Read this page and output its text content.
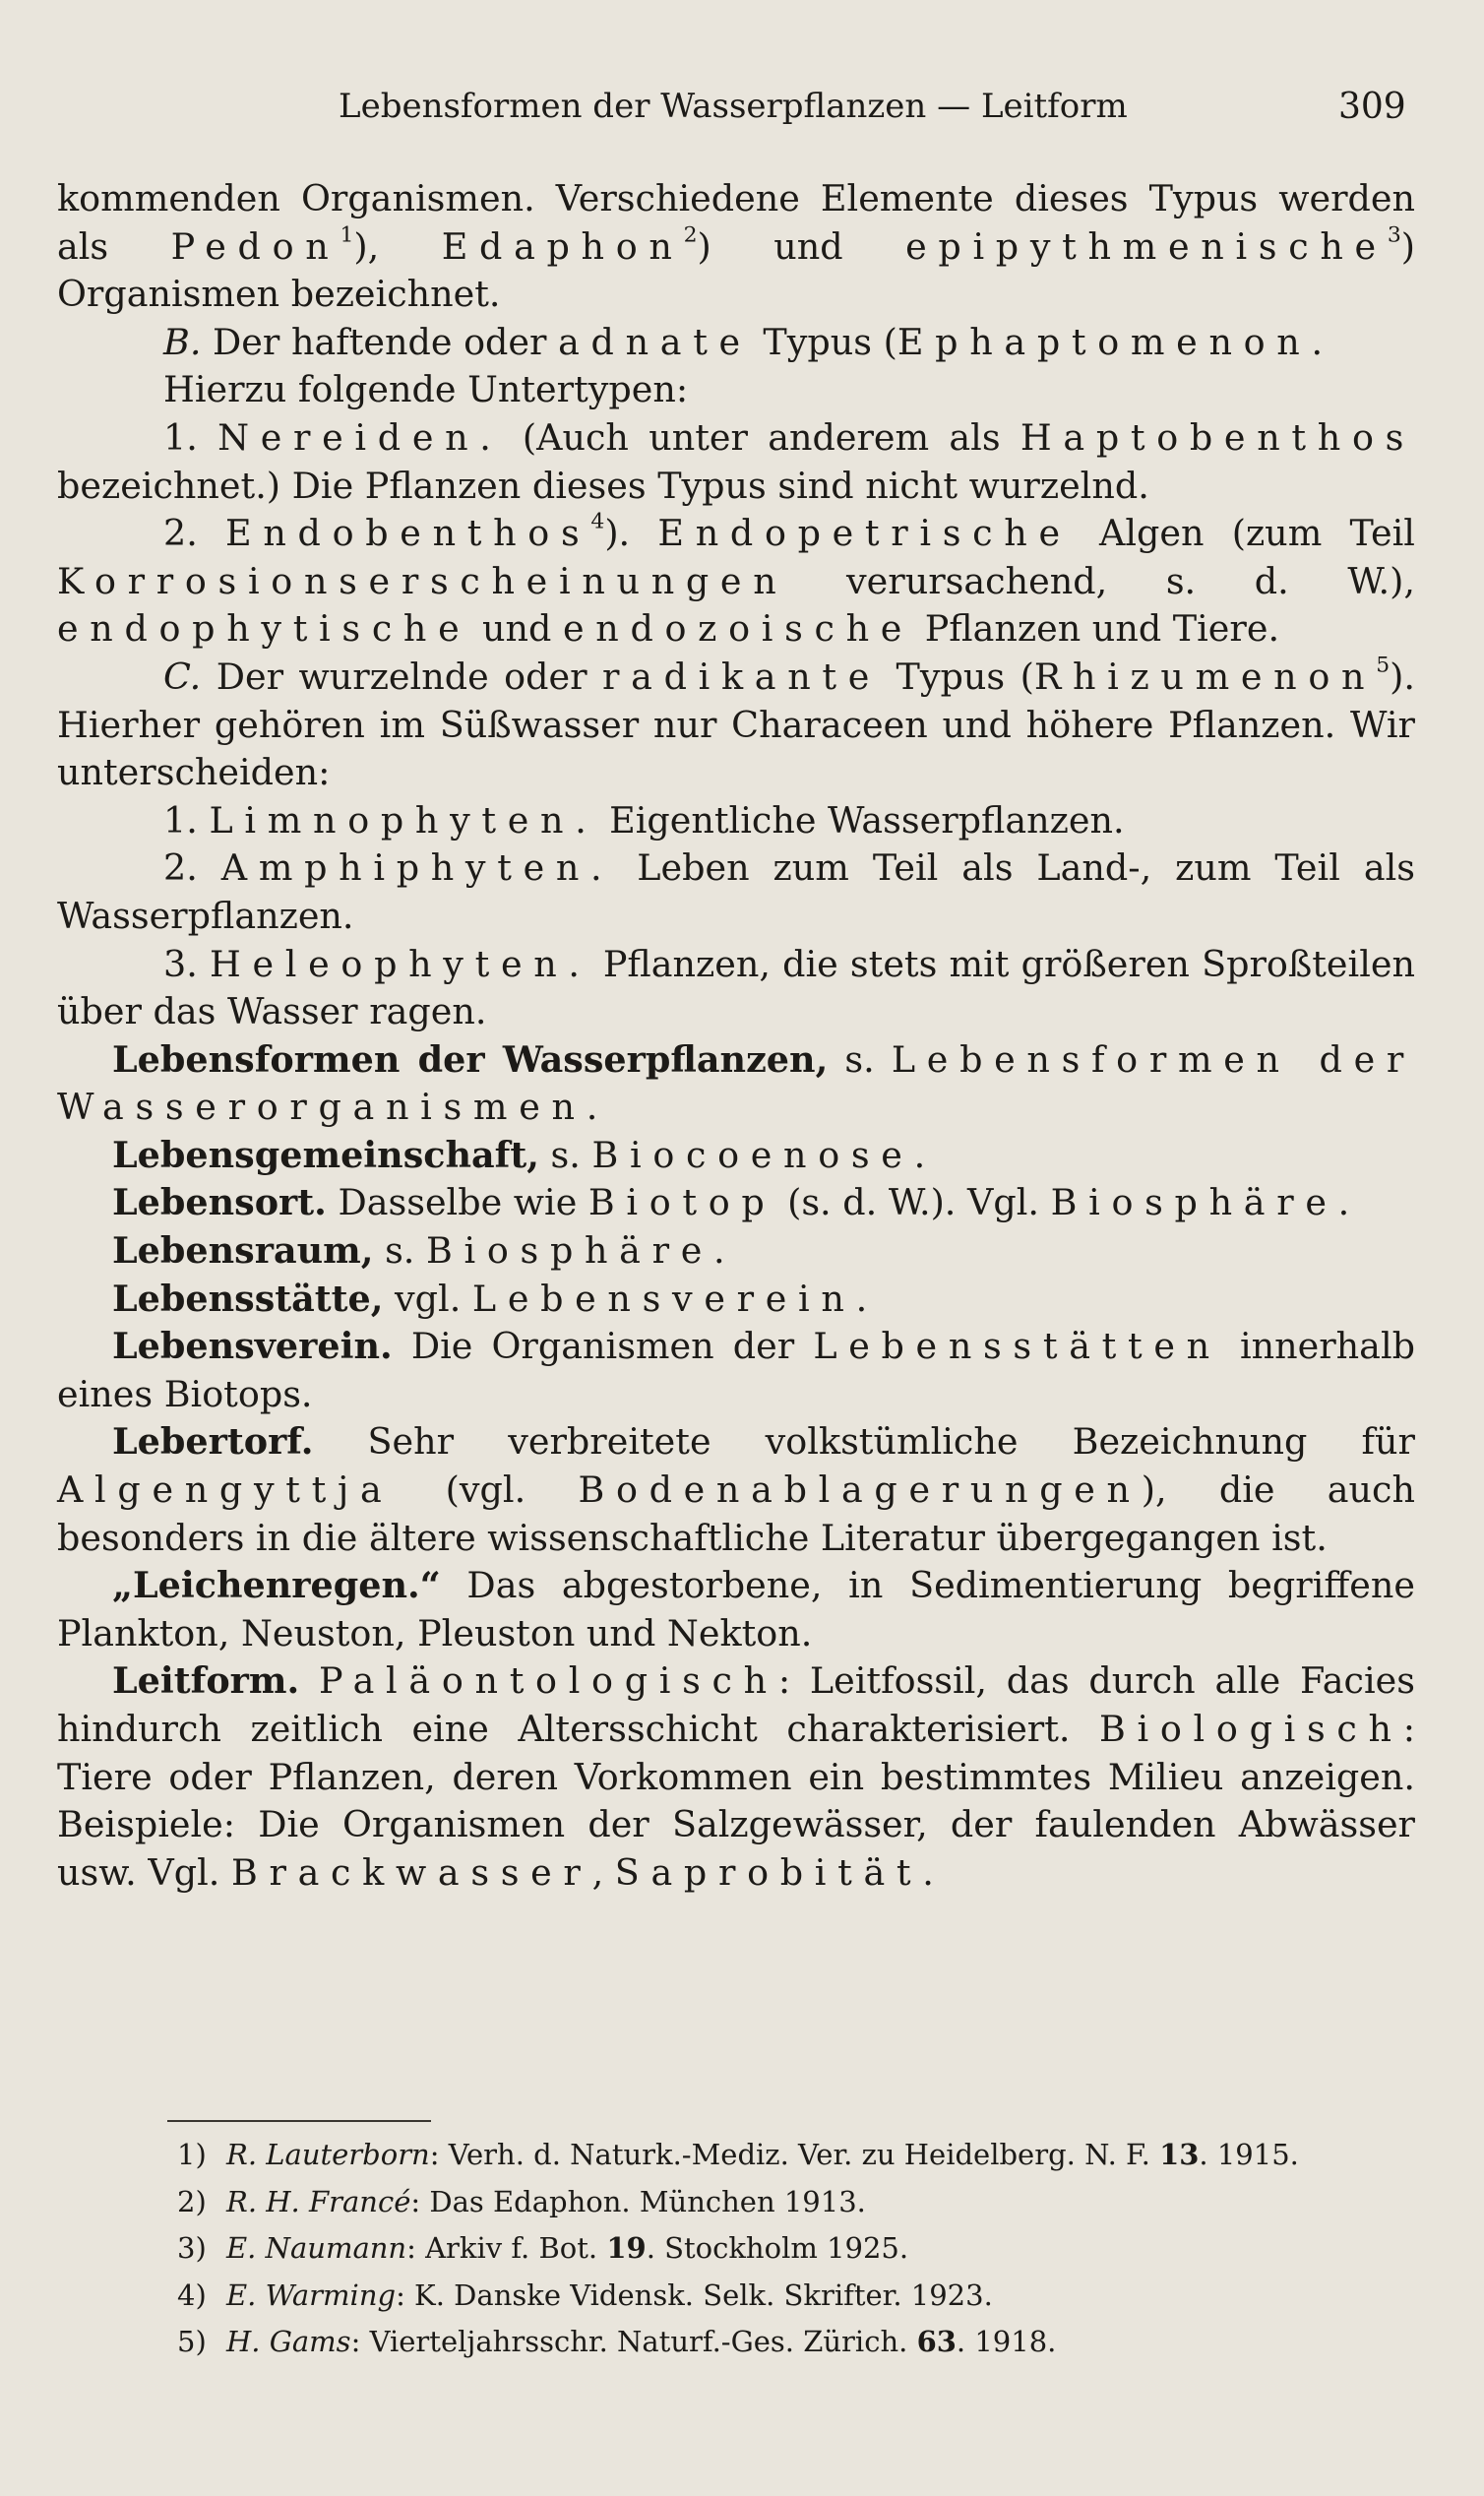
Lebensformen der Wasserpflanzen — Leitform	309

kommenden Organismen. Verschiedene Elemente dieses Typus werden als Pedon$^1$), Edaphon$^2$) und epipythmenische$^3$) Organismen bezeichnet.

B. Der haftende oder adnate Typus (Ephaptomenon.

Hierzu folgende Untertypen:

1. Nereiden. (Auch unter anderem als Haptobenthos bezeichnet.) Die Pflanzen dieses Typus sind nicht wurzelnd.

2. Endobenthos$^4$). Endopetrische Algen (zum Teil Korrosionserscheinungen verursachend, s. d. W.), endophytische und endozoische Pflanzen und Tiere.

C. Der wurzelnde oder radikante Typus (Rhizumenon$^5$). Hierher gehören im Süßwasser nur Characeen und höhere Pflanzen. Wir unterscheiden:

1. Limnophyten. Eigentliche Wasserpflanzen.

2. Amphiphyten. Leben zum Teil als Land-, zum Teil als Wasserpflanzen.

3. Heleophyten. Pflanzen, die stets mit größeren Sproßteilen über das Wasser ragen.

Lebensformen der Wasserpflanzen, s. Lebensformen der Wasserorganismen.

Lebensgemeinschaft, s. Biocoenose.

Lebensort. Dasselbe wie Biotop (s. d. W.). Vgl. Biosphäre.

Lebensraum, s. Biosphäre.

Lebensstätte, vgl. Lebensverein.

Lebensverein. Die Organismen der Lebensstätten innerhalb eines Biotops.

Lebertorf. Sehr verbreitete volkstümliche Bezeichnung für Algengyttja (vgl. Bodenablagerungen), die auch besonders in die ältere wissenschaftliche Literatur übergegangen ist.

„Leichenregen.“ Das abgestorbene, in Sedimentierung begriffene Plankton, Neuston, Pleuston und Nekton.

Leitform. Paläontologisch: Leitfossil, das durch alle Facies hindurch zeitlich eine Altersschicht charakterisiert. Biologisch: Tiere oder Pflanzen, deren Vorkommen ein bestimmtes Milieu anzeigen. Beispiele: Die Organismen der Salzgewässer, der faulenden Abwässer usw. Vgl. Brackwasser, Saprobität.

1) R. Lauterborn: Verh. d. Naturk.-Mediz. Ver. zu Heidelberg. N. F. 13. 1915.
2) R. H. Francé: Das Edaphon. München 1913.
3) E. Naumann: Arkiv f. Bot. 19. Stockholm 1925.
4) E. Warming: K. Danske Vidensk. Selk. Skrifter. 1923.
5) H. Gams: Vierteljahrsschr. Naturf.-Ges. Zürich. 63. 1918.
